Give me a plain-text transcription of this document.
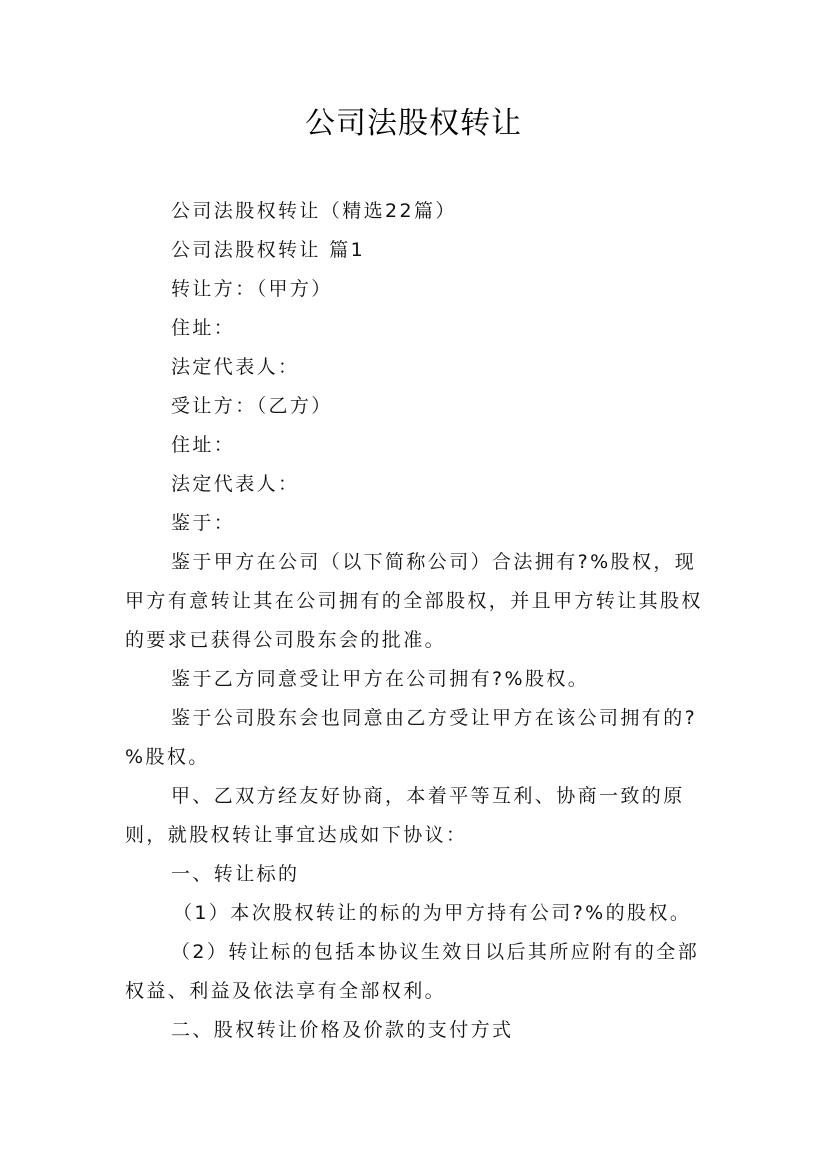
公司法股权转让

公司法股权转让（精选22篇）

公司法股权转让 篇1

转让方：（甲方）

住址：

法定代表人：

受让方：（乙方）

住址：

法定代表人：

鉴于：

鉴于甲方在公司（以下简称公司）合法拥有?%股权，现甲方有意转让其在公司拥有的全部股权，并且甲方转让其股权的要求已获得公司股东会的批准。

鉴于乙方同意受让甲方在公司拥有?%股权。

鉴于公司股东会也同意由乙方受让甲方在该公司拥有的?%股权。

甲、乙双方经友好协商，本着平等互利、协商一致的原则，就股权转让事宜达成如下协议：

一、转让标的

（1）本次股权转让的标的为甲方持有公司?%的股权。

（2）转让标的包括本协议生效日以后其所应附有的全部权益、利益及依法享有全部权利。

二、股权转让价格及价款的支付方式
